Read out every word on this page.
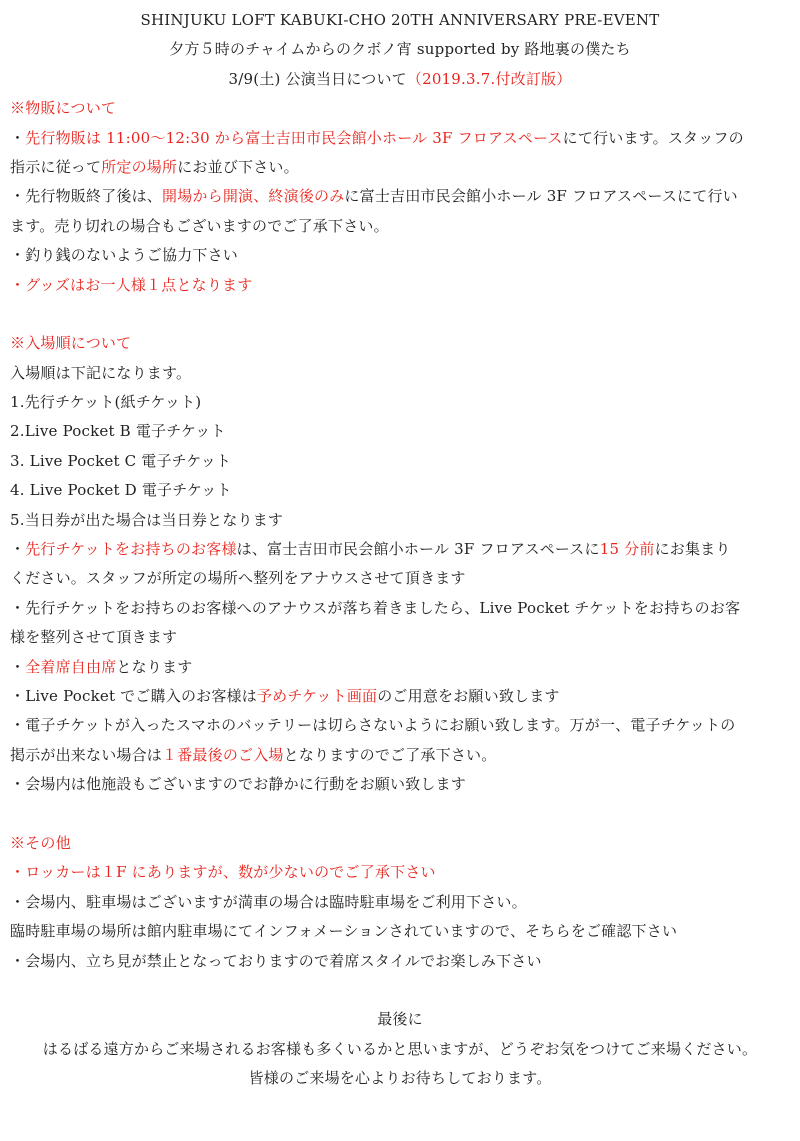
SHINJUKU LOFT KABUKI-CHO 20TH ANNIVERSARY PRE-EVENT
夕方５時のチャイムからのクボノ宵 supported by 路地裏の僕たち
3/9(土) 公演当日について（2019.3.7.付改訂版）
※物販について
・先行物販は 11:00〜12:30 から富士吉田市民会館小ホール 3F フロアスペースにて行います。スタッフの
指示に従って所定の場所にお並び下さい。
・先行物販終了後は、開場から開演、終演後のみに富士吉田市民会館小ホール 3F フロアスペースにて行い
ます。売り切れの場合もございますのでご了承下さい。
・釣り銭のないようご協力下さい
・グッズはお一人様１点となります
※入場順について
入場順は下記になります。
1.先行チケット(紙チケット)
2.Live Pocket B 電子チケット
3. Live Pocket C 電子チケット
4. Live Pocket D 電子チケット
5.当日券が出た場合は当日券となります
・先行チケットをお持ちのお客様は、富士吉田市民会館小ホール 3F フロアスペースに15 分前にお集まり
ください。スタッフが所定の場所へ整列をアナウスさせて頂きます
・先行チケットをお持ちのお客様へのアナウスが落ち着きましたら、Live Pocket チケットをお持ちのお客
様を整列させて頂きます
・全着席自由席となります
・Live Pocket でご購入のお客様は予めチケット画面のご用意をお願い致します
・電子チケットが入ったスマホのバッテリーは切らさないようにお願い致します。万が一、電子チケットの
掲示が出来ない場合は１番最後のご入場となりますのでご了承下さい。
・会場内は他施設もございますのでお静かに行動をお願い致します
※その他
・ロッカーは１F にありますが、数が少ないのでご了承下さい
・会場内、駐車場はございますが満車の場合は臨時駐車場をご利用下さい。
臨時駐車場の場所は館内駐車場にてインフォメーションされていますので、そちらをご確認下さい
・会場内、立ち見が禁止となっておりますので着席スタイルでお楽しみ下さい
最後に
はるばる遠方からご来場されるお客様も多くいるかと思いますが、どうぞお気をつけてご来場ください。
皆様のご来場を心よりお待ちしております。
